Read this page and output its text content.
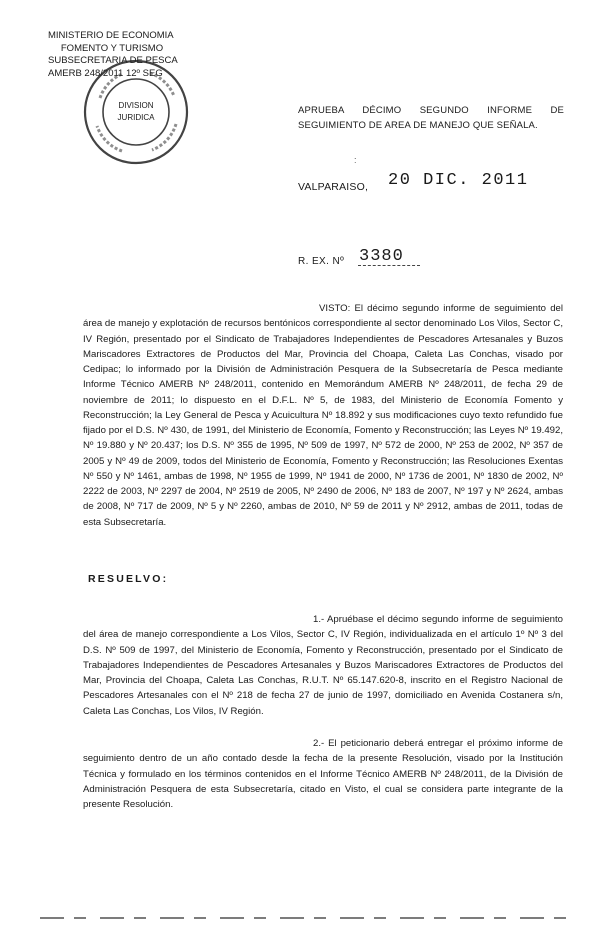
MINISTERIO DE ECONOMIA
FOMENTO Y TURISMO
SUBSECRETARIA DE PESCA
AMERB 248/2011 12º SEG
DIVISION
JURIDICA
APRUEBA DÉCIMO SEGUNDO INFORME DE
SEGUIMIENTO DE AREA DE MANEJO QUE SEÑALA.
:
VALPARAISO, 20 DIC. 2011
R. EX. Nº 3380
VISTO: El décimo segundo informe de seguimiento del área de manejo y explotación de recursos bentónicos correspondiente al sector denominado Los Vilos, Sector C, IV Región, presentado por el Sindicato de Trabajadores Independientes de Pescadores Artesanales y Buzos Mariscadores Extractores de Productos del Mar, Provincia del Choapa, Caleta Las Conchas, visado por Cedipac; lo informado por la División de Administración Pesquera de la Subsecretaría de Pesca mediante Informe Técnico AMERB Nº 248/2011, contenido en Memorándum AMERB Nº 248/2011, de fecha 29 de noviembre de 2011; lo dispuesto en el D.F.L. Nº 5, de 1983, del Ministerio de Economía Fomento y Reconstrucción; la Ley General de Pesca y Acuicultura Nº 18.892 y sus modificaciones cuyo texto refundido fue fijado por el D.S. Nº 430, de 1991, del Ministerio de Economía, Fomento y Reconstrucción; las Leyes Nº 19.492, Nº 19.880 y Nº 20.437; los D.S. Nº 355 de 1995, Nº 509 de 1997, Nº 572 de 2000, Nº 253 de 2002, Nº 357 de 2005 y Nº 49 de 2009, todos del Ministerio de Economía, Fomento y Reconstrucción; las Resoluciones Exentas Nº 550 y Nº 1461, ambas de 1998, Nº 1955 de 1999, Nº 1941 de 2000, Nº 1736 de 2001, Nº 1830 de 2002, Nº 2222 de 2003, Nº 2297 de 2004, Nº 2519 de 2005, Nº 2490 de 2006, Nº 183 de 2007, Nº 197 y Nº 2624, ambas de 2008, Nº 717 de 2009, Nº 5 y Nº 2260, ambas de 2010, Nº 59 de 2011 y Nº 2912, ambas de 2011, todas de esta Subsecretaría.
RESUELVO:
1.- Apruébase el décimo segundo informe de seguimiento del área de manejo correspondiente a Los Vilos, Sector C, IV Región, individualizada en el artículo 1º Nº 3 del D.S. Nº 509 de 1997, del Ministerio de Economía, Fomento y Reconstrucción, presentado por el Sindicato de Trabajadores Independientes de Pescadores Artesanales y Buzos Mariscadores Extractores de Productos del Mar, Provincia del Choapa, Caleta Las Conchas, R.U.T. Nº 65.147.620-8, inscrito en el Registro Nacional de Pescadores Artesanales con el Nº 218 de fecha 27 de junio de 1997, domiciliado en Avenida Costanera s/n, Caleta Las Conchas, Los Vilos, IV Región.
2.- El peticionario deberá entregar el próximo informe de seguimiento dentro de un año contado desde la fecha de la presente Resolución, visado por la Institución Técnica y formulado en los términos contenidos en el Informe Técnico AMERB Nº 248/2011, de la División de Administración Pesquera de esta Subsecretaría, citado en Visto, el cual se considera parte integrante de la presente Resolución.
